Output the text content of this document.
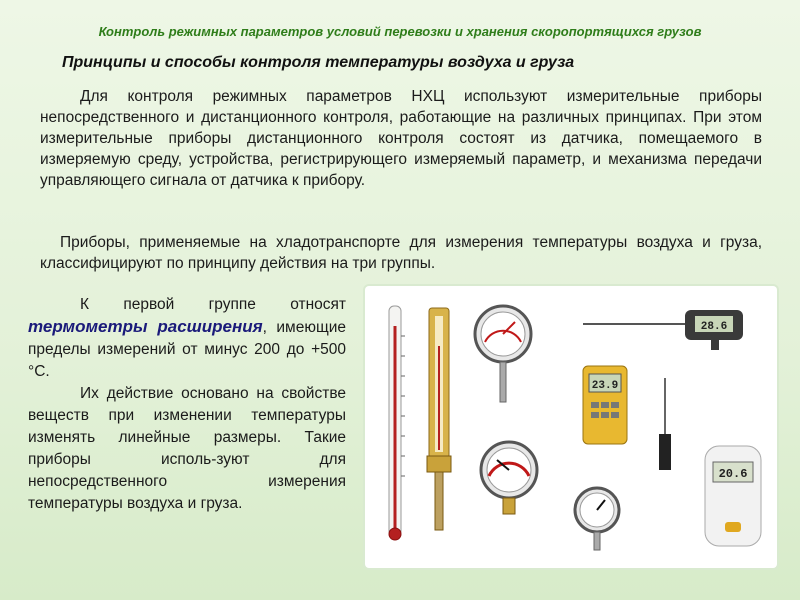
Контроль режимных параметров условий перевозки и хранения скоропортящихся грузов
Принципы и способы контроля температуры воздуха и груза
Для контроля режимных параметров НХЦ используют измерительные приборы непосредственного и дистанционного контроля, работающие на различных принципах. При этом измерительные приборы дистанционного контроля состоят из датчика, помещаемого в измеряемую среду, устройства, регистрирующего измеряемый параметр, и механизма передачи управляющего сигнала от датчика к прибору.
Приборы, применяемые на хладотранспорте для измерения температуры воздуха и груза, классифицируют по принципу действия на три группы.

К первой группе относят термометры расширения, имеющие пределы измерений от минус 200 до +500 °С.

Их действие основано на свойстве веществ при изменении температуры изменять линейные размеры. Такие приборы исполь-зуют для непосредственного измерения температуры воздуха и груза.

23.9
28.6
20.6
